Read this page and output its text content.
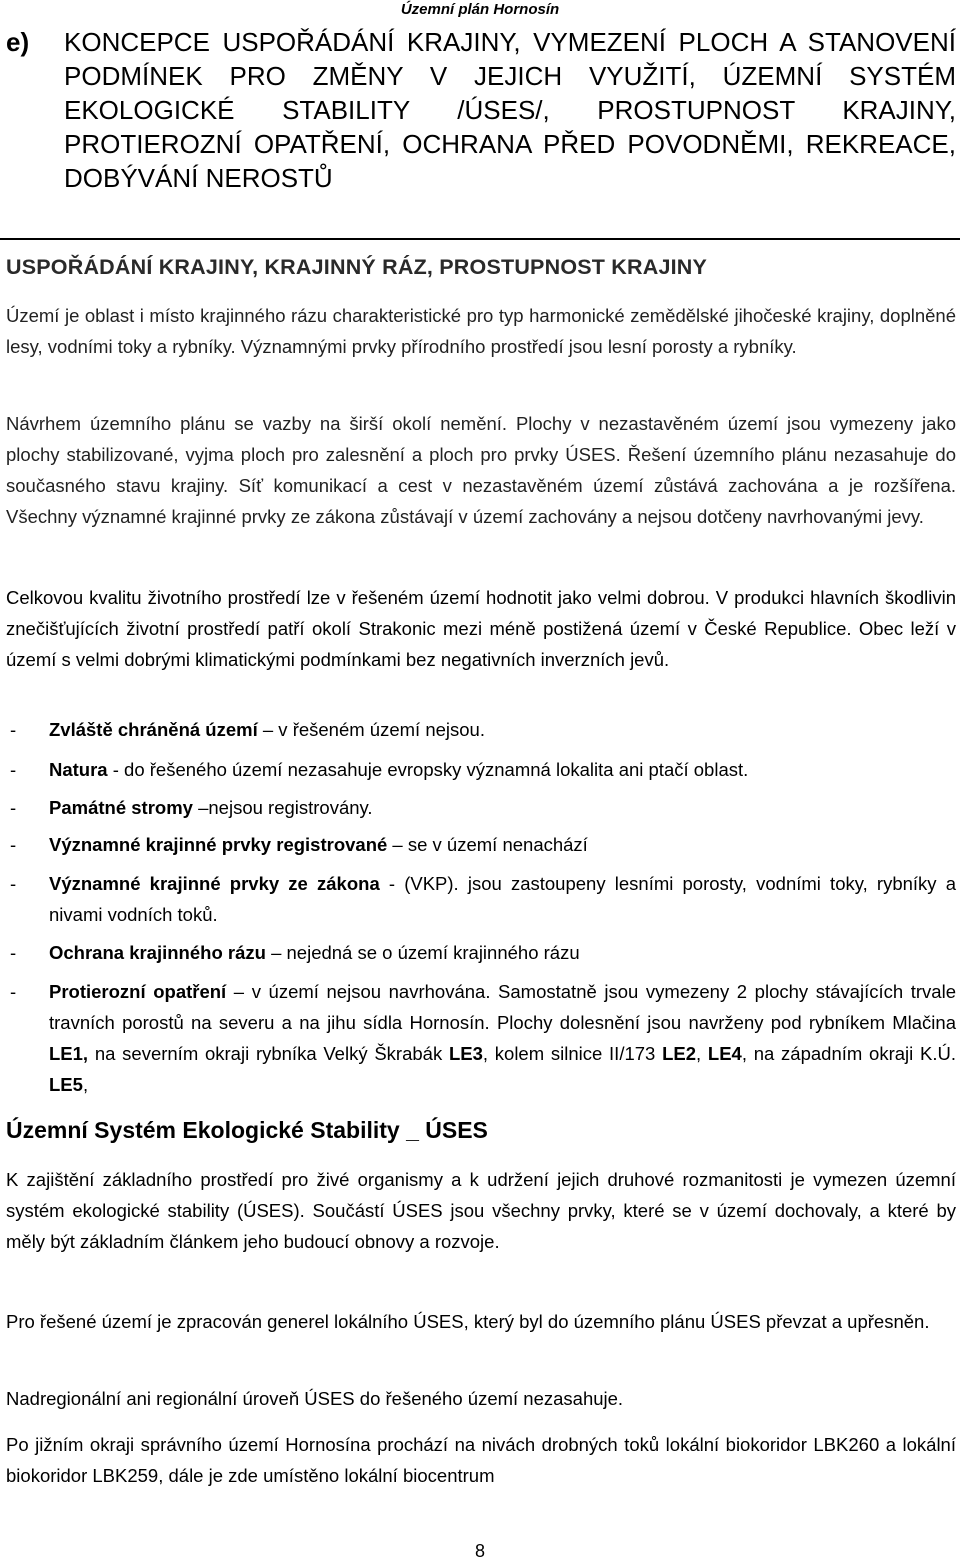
Územní plán Hornosín
e) KONCEPCE USPOŘÁDÁNÍ KRAJINY, VYMEZENÍ PLOCH A STANOVENÍ PODMÍNEK PRO ZMĚNY V JEJICH VYUŽITÍ, ÚZEMNÍ SYSTÉM EKOLOGICKÉ STABILITY /ÚSES/, PROSTUPNOST KRAJINY, PROTIEROZNÍ OPATŘENÍ, OCHRANA PŘED POVODNĚMI, REKREACE, DOBÝVÁNÍ NEROSTŮ
USPOŘÁDÁNÍ KRAJINY, KRAJINNÝ RÁZ, PROSTUPNOST KRAJINY

Území je oblast i místo krajinného rázu charakteristické pro typ harmonické zemědělské jihočeské krajiny, doplněné lesy, vodními toky a rybníky. Významnými prvky přírodního prostředí jsou lesní porosty a rybníky.

Návrhem územního plánu se vazby na širší okolí nemění. Plochy v nezastavěném území jsou vymezeny jako plochy stabilizované, vyjma ploch pro zalesnění a ploch pro prvky ÚSES. Řešení územního plánu nezasahuje do současného stavu krajiny. Síť komunikací a cest v nezastavěném území zůstává zachována a je rozšířena. Všechny významné krajinné prvky ze zákona zůstávají v území zachovány a nejsou dotčeny navrhovanými jevy.

Celkovou kvalitu životního prostředí lze v řešeném území hodnotit jako velmi dobrou. V produkci hlavních škodlivin znečišťujících životní prostředí patří okolí Strakonic mezi méně postižená území v České Republice. Obec leží v území s velmi dobrými klimatickými podmínkami bez negativních inverzních jevů.

- Zvláště chráněná území – v řešeném území nejsou.
- Natura - do řešeného území nezasahuje evropsky významná lokalita ani ptačí oblast.
- Památné stromy –nejsou registrovány.
- Významné krajinné prvky registrované – se v území nenachází
- Významné krajinné prvky ze zákona - (VKP). jsou zastoupeny lesními porosty, vodními toky, rybníky a nivami vodních toků.
- Ochrana krajinného rázu – nejedná se o území krajinného rázu
- Protierozní opatření – v území nejsou navrhována. Samostatně jsou vymezeny 2 plochy stávajících trvale travních porostů na severu a na jihu sídla Hornosín. Plochy dolesnění jsou navrženy pod rybníkem Mlačina LE1, na severním okraji rybníka Velký Škrabák LE3, kolem silnice II/173 LE2, LE4, na západním okraji K.Ú. LE5,
Územní Systém Ekologické Stability _ ÚSES

K zajištění základního prostředí pro živé organismy a k udržení jejich druhové rozmanitosti je vymezen územní systém ekologické stability (ÚSES). Součástí ÚSES jsou všechny prvky, které se v území dochovaly, a které by měly být základním článkem jeho budoucí obnovy a rozvoje.

Pro řešené území je zpracován generel lokálního ÚSES, který byl do územního plánu ÚSES převzat a upřesněn.

Nadregionální ani regionální úroveň ÚSES do řešeného území nezasahuje.

Po jižním okraji správního území Hornosína prochází na nivách drobných toků lokální biokoridor LBK260 a lokální biokoridor LBK259, dále je zde umístěno lokální biocentrum

8
